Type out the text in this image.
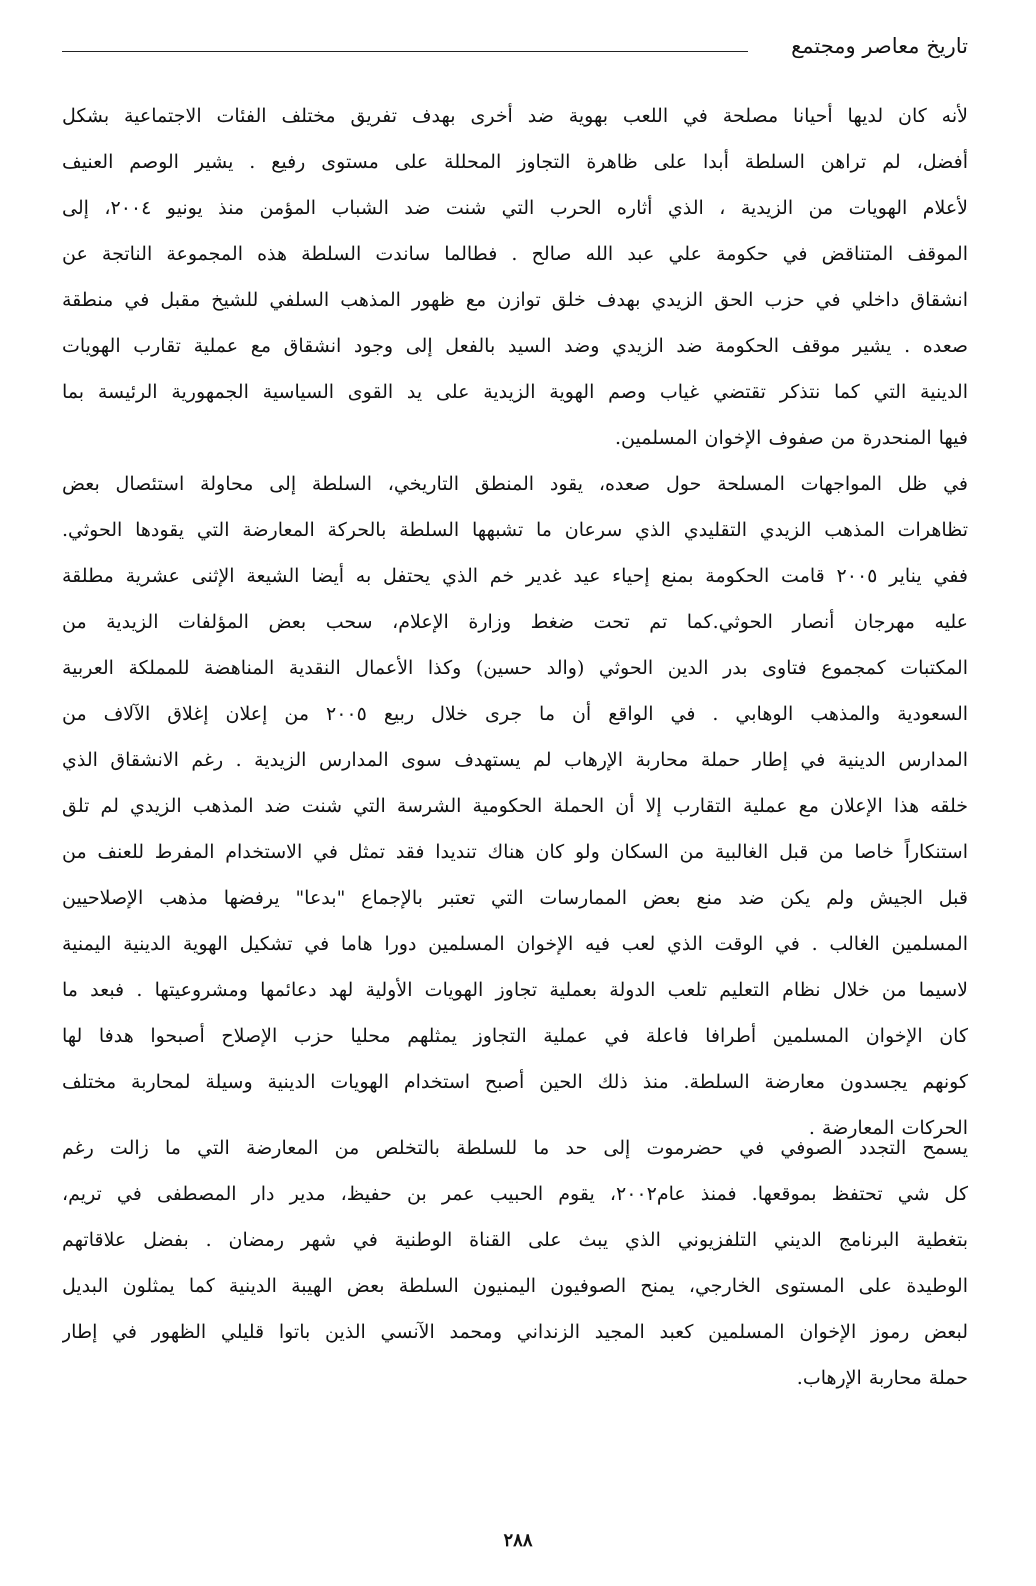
تاريخ معاصر ومجتمع
لأنه كان لديها أحيانا مصلحة في اللعب بهوية ضد أخرى بهدف تفريق مختلف الفئات الاجتماعية بشكل
أفضل، لم تراهن السلطة أبدا على ظاهرة التجاوز المحللة على مستوى رفيع . يشير الوصم العنيف
لأعلام الهويات من الزيدية ، الذي أثاره الحرب التي شنت ضد الشباب المؤمن منذ يونيو ٢٠٠٤، إلى
الموقف المتناقض في حكومة علي عبد الله صالح . فطالما ساندت السلطة هذه المجموعة الناتجة عن
انشقاق داخلي في حزب الحق الزيدي بهدف خلق توازن مع ظهور المذهب السلفي للشيخ مقبل في منطقة
صعده . يشير موقف الحكومة ضد الزيدي وضد السيد بالفعل إلى وجود انشقاق مع عملية تقارب الهويات
الدينية التي كما نتذكر تقتضي غياب وصم الهوية الزيدية على يد القوى السياسية الجمهورية الرئيسة بما
فيها المنحدرة من صفوف الإخوان المسلمين.
في ظل المواجهات المسلحة حول صعده، يقود المنطق التاريخي، السلطة إلى محاولة استئصال بعض
تظاهرات المذهب الزيدي التقليدي الذي سرعان ما تشبهها السلطة بالحركة المعارضة التي يقودها الحوثي.
ففي يناير ٢٠٠٥ قامت الحكومة بمنع إحياء عيد غدير خم الذي يحتفل به أيضا الشيعة الإثنى عشرية مطلقة
عليه مهرجان أنصار الحوثي.كما تم تحت ضغط وزارة الإعلام، سحب بعض المؤلفات الزيدية من
المكتبات كمجموع فتاوى بدر الدين الحوثي (والد حسين) وكذا الأعمال النقدية المناهضة للمملكة العربية
السعودية والمذهب الوهابي . في الواقع أن ما جرى خلال ربيع ٢٠٠٥ من إعلان إغلاق الآلاف من
المدارس الدينية في إطار حملة محاربة الإرهاب لم يستهدف سوى المدارس الزيدية . رغم الانشقاق الذي
خلقه هذا الإعلان مع عملية التقارب إلا أن الحملة الحكومية الشرسة التي شنت ضد المذهب الزيدي لم تلق
استنكاراً خاصا من قبل الغالبية من السكان ولو كان هناك تنديدا فقد تمثل في الاستخدام المفرط للعنف من
قبل الجيش ولم يكن ضد منع بعض الممارسات التي تعتبر بالإجماع "بدعا" يرفضها مذهب الإصلاحيين
المسلمين الغالب . في الوقت الذي لعب فيه الإخوان المسلمين دورا هاما في تشكيل الهوية الدينية اليمنية
لاسيما من خلال نظام التعليم تلعب الدولة بعملية تجاوز الهويات الأولية لهد دعائمها ومشروعيتها . فبعد ما
كان الإخوان المسلمين أطرافا فاعلة في عملية التجاوز يمثلهم محليا حزب الإصلاح أصبحوا هدفا لها
كونهم يجسدون معارضة السلطة. منذ ذلك الحين أصبح استخدام الهويات الدينية وسيلة لمحاربة مختلف
الحركات المعارضة .
يسمح التجدد الصوفي في حضرموت إلى حد ما للسلطة بالتخلص من المعارضة التي ما زالت رغم
كل شي تحتفظ بموقعها. فمنذ عام٢٠٠٢، يقوم الحبيب عمر بن حفيظ، مدير دار المصطفى في تريم،
بتغطية البرنامج الديني التلفزيوني الذي يبث على القناة الوطنية في شهر رمضان . بفضل علاقاتهم
الوطيدة على المستوى الخارجي، يمنح الصوفيون اليمنيون السلطة بعض الهيبة الدينية كما يمثلون البديل
لبعض رموز الإخوان المسلمين كعبد المجيد الزنداني ومحمد الآنسي الذين باتوا قليلي الظهور في إطار
حملة محاربة الإرهاب.
٢٨٨
